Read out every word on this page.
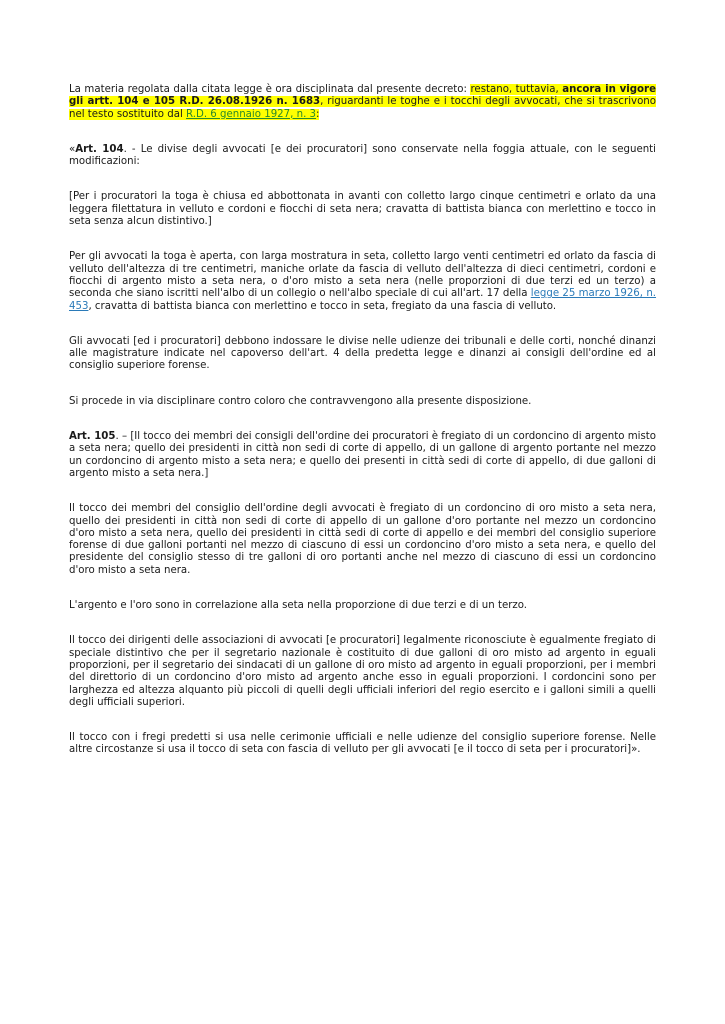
La materia regolata dalla citata legge è ora disciplinata dal presente decreto: restano, tuttavia, ancora in vigore gli artt. 104 e 105 R.D. 26.08.1926 n. 1683, riguardanti le toghe e i tocchi degli avvocati, che si trascrivono nel testo sostituito dal R.D. 6 gennaio 1927, n. 3:

«Art. 104. - Le divise degli avvocati [e dei procuratori] sono conservate nella foggia attuale, con le seguenti modificazioni:

[Per i procuratori la toga è chiusa ed abbottonata in avanti con colletto largo cinque centimetri e orlato da una leggera filettatura in velluto e cordoni e fiocchi di seta nera; cravatta di battista bianca con merlettino e tocco in seta senza alcun distintivo.]

Per gli avvocati la toga è aperta, con larga mostratura in seta, colletto largo venti centimetri ed orlato da fascia di velluto dell'altezza di tre centimetri, maniche orlate da fascia di velluto dell'altezza di dieci centimetri, cordoni e fiocchi di argento misto a seta nera, o d'oro misto a seta nera (nelle proporzioni di due terzi ed un terzo) a seconda che siano iscritti nell'albo di un collegio o nell'albo speciale di cui all'art. 17 della legge 25 marzo 1926, n. 453, cravatta di battista bianca con merlettino e tocco in seta, fregiato da una fascia di velluto.

Gli avvocati [ed i procuratori] debbono indossare le divise nelle udienze dei tribunali e delle corti, nonché dinanzi alle magistrature indicate nel capoverso dell'art. 4 della predetta legge e dinanzi ai consigli dell'ordine ed al consiglio superiore forense.

Si procede in via disciplinare contro coloro che contravvengono alla presente disposizione.

Art. 105. – [Il tocco dei membri dei consigli dell'ordine dei procuratori è fregiato di un cordoncino di argento misto a seta nera; quello dei presidenti in città non sedi di corte di appello, di un gallone di argento portante nel mezzo un cordoncino di argento misto a seta nera; e quello dei presenti in città sedi di corte di appello, di due galloni di argento misto a seta nera.]

Il tocco dei membri del consiglio dell'ordine degli avvocati è fregiato di un cordoncino di oro misto a seta nera, quello dei presidenti in città non sedi di corte di appello di un gallone d'oro portante nel mezzo un cordoncino d'oro misto a seta nera, quello dei presidenti in città sedi di corte di appello e dei membri del consiglio superiore forense di due galloni portanti nel mezzo di ciascuno di essi un cordoncino d'oro misto a seta nera, e quello del presidente del consiglio stesso di tre galloni di oro portanti anche nel mezzo di ciascuno di essi un cordoncino d'oro misto a seta nera.

L'argento e l'oro sono in correlazione alla seta nella proporzione di due terzi e di un terzo.

Il tocco dei dirigenti delle associazioni di avvocati [e procuratori] legalmente riconosciute è egualmente fregiato di speciale distintivo che per il segretario nazionale è costituito di due galloni di oro misto ad argento in eguali proporzioni, per il segretario dei sindacati di un gallone di oro misto ad argento in eguali proporzioni, per i membri del direttorio di un cordoncino d'oro misto ad argento anche esso in eguali proporzioni. I cordoncini sono per larghezza ed altezza alquanto più piccoli di quelli degli ufficiali inferiori del regio esercito e i galloni simili a quelli degli ufficiali superiori.

Il tocco con i fregi predetti si usa nelle cerimonie ufficiali e nelle udienze del consiglio superiore forense. Nelle altre circostanze si usa il tocco di seta con fascia di velluto per gli avvocati [e il tocco di seta per i procuratori]».
